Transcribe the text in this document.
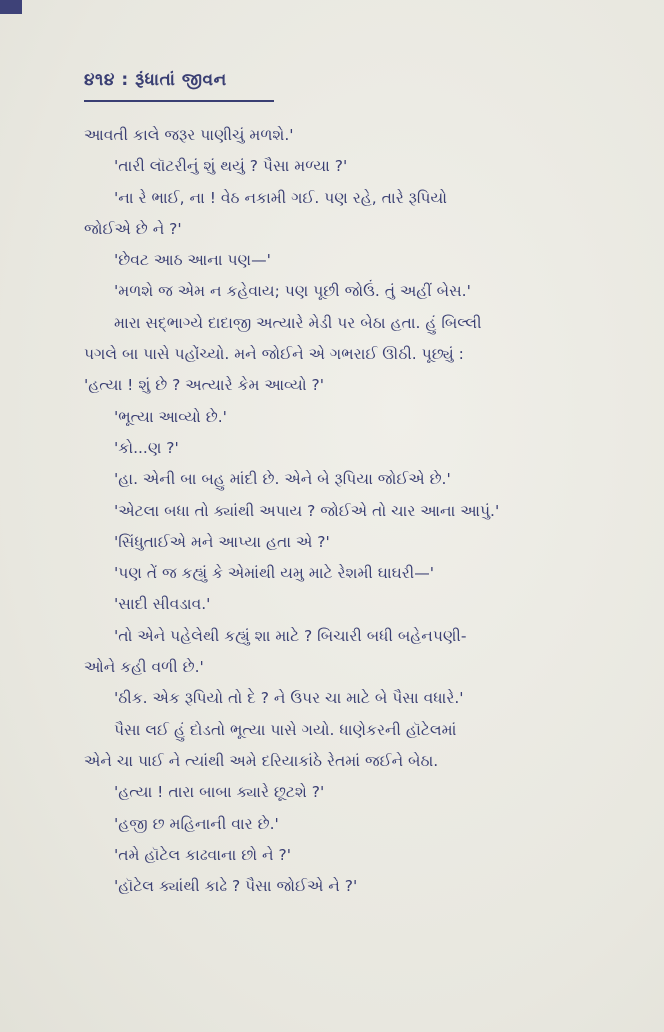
૪૧૪ : રૂંધાતાં જીવન

આવતી કાલે જરૂર પાણીચું મળશે.'

'તારી લૉટરીનું શું થયું ? પૈસા મળ્યા ?'

'ના રે ભાઈ, ના ! વેઠ નકામી ગઈ. પણ રહે, તારે રૂપિયો

જોઈએ છે ને ?'

'છેવટ આઠ આના પણ—'

'મળશે જ એમ ન કહેવાય; પણ પૂછી જોઉં. તું અહીં બેસ.'

મારા સદ્‌ભાગ્યે દાદાજી અત્યારે મેડી પર બેઠા હતા. હું બિલ્લી

પગલે બા પાસે પહોંચ્યો. મને જોઈને એ ગભરાઈ ઊઠી. પૂછ્યું :

'હત્યા ! શું છે ? અત્યારે કેમ આવ્યો ?'

'ભૂત્યા આવ્યો છે.'

'કો...ણ ?'

'હા. એની બા બહુ માંદી છે. એને બે રૂપિયા જોઈએ છે.'

'એટલા બધા તો ક્યાંથી અપાય ? જોઈએ તો ચાર આના આપું.'

'સિંધુતાઈએ મને આપ્યા હતા એ ?'

'પણ તેં જ કહ્યું કે એમાંથી યમુ માટે રેશમી ઘાઘરી—'

'સાદી સીવડાવ.'

'તો એને પહેલેથી કહ્યું શા માટે ? બિચારી બધી બહેનપણી-

ઓને કહી વળી છે.'

'ઠીક. એક રૂપિયો તો દે ? ને ઉપર ચા માટે બે પૈસા વધારે.'

પૈસા લઈ હું દોડતો ભૂત્યા પાસે ગયો. ધાણેકરની હૉટેલમાં

એને ચા પાઈ ને ત્યાંથી અમે દરિયાકાંઠે રેતમાં જઈને બેઠા.

'હત્યા ! તારા બાબા ક્યારે છૂટશે ?'

'હજી છ મહિનાની વાર છે.'

'તમે હૉટેલ કાઢવાના છો ને ?'

'હૉટેલ ક્યાંથી કાઢે ? પૈસા જોઈએ ને ?'
